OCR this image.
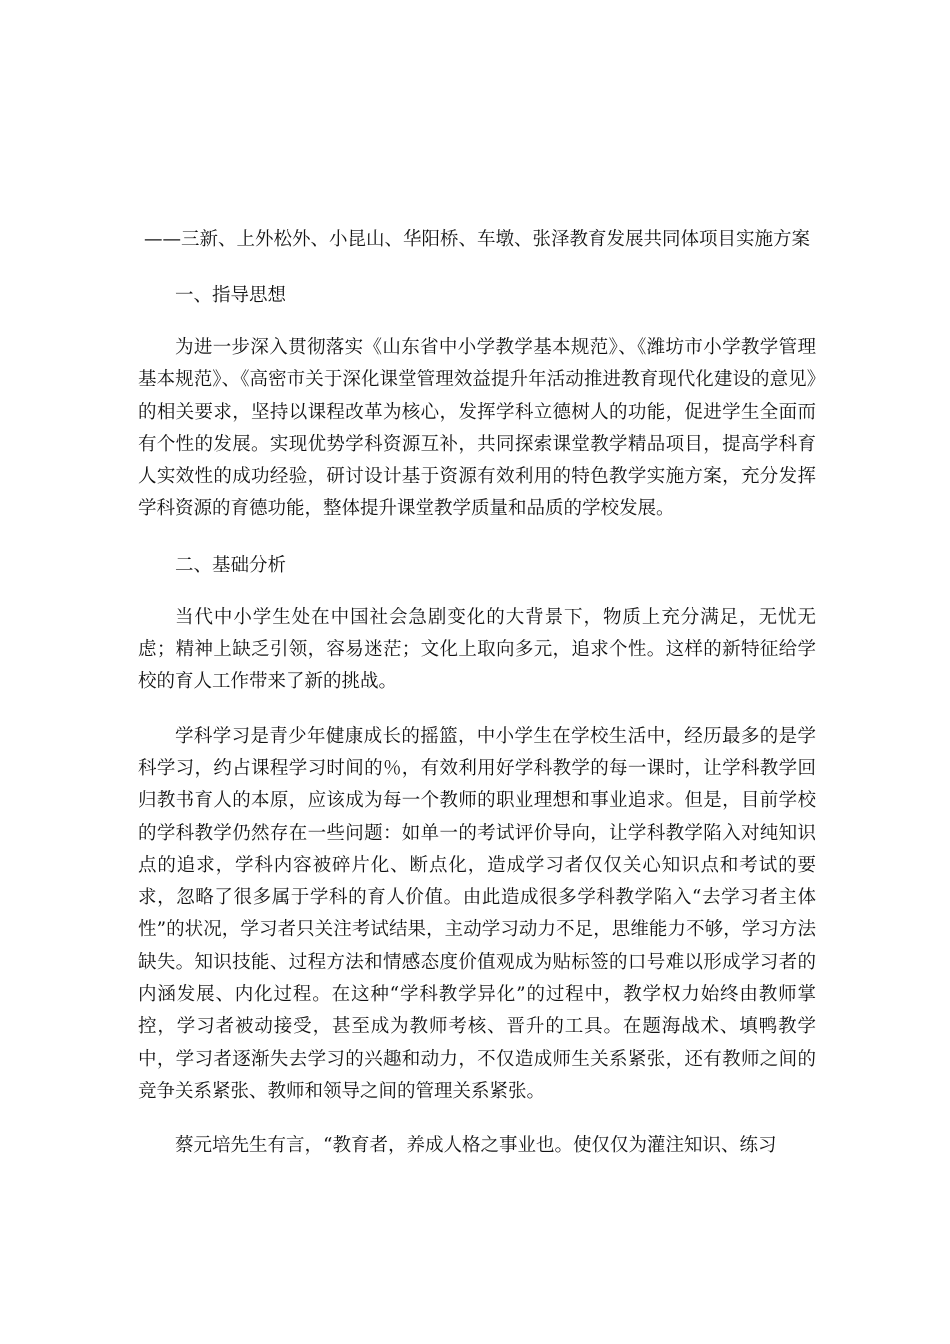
——三新、上外松外、小昆山、华阳桥、车墩、张泽教育发展共同体项目实施方案

一、指导思想

为进一步深入贯彻落实《山东省中小学教学基本规范》、《潍坊市小学教学管理基本规范》、《高密市关于深化课堂管理效益提升年活动推进教育现代化建设的意见》的相关要求，坚持以课程改革为核心，发挥学科立德树人的功能，促进学生全面而有个性的发展。实现优势学科资源互补，共同探索课堂教学精品项目，提高学科育人实效性的成功经验，研讨设计基于资源有效利用的特色教学实施方案，充分发挥学科资源的育德功能，整体提升课堂教学质量和品质的学校发展。

二、基础分析

当代中小学生处在中国社会急剧变化的大背景下，物质上充分满足，无忧无虑；精神上缺乏引领，容易迷茫；文化上取向多元，追求个性。这样的新特征给学校的育人工作带来了新的挑战。

学科学习是青少年健康成长的摇篮，中小学生在学校生活中，经历最多的是学科学习，约占课程学习时间的％，有效利用好学科教学的每一课时，让学科教学回归教书育人的本原，应该成为每一个教师的职业理想和事业追求。但是，目前学校的学科教学仍然存在一些问题：如单一的考试评价导向，让学科教学陷入对纯知识点的追求，学科内容被碎片化、断点化，造成学习者仅仅关心知识点和考试的要求，忽略了很多属于学科的育人价值。由此造成很多学科教学陷入“去学习者主体性”的状况，学习者只关注考试结果，主动学习动力不足，思维能力不够，学习方法缺失。知识技能、过程方法和情感态度价值观成为贴标签的口号难以形成学习者的内涵发展、内化过程。在这种“学科教学异化”的过程中，教学权力始终由教师掌控，学习者被动接受，甚至成为教师考核、晋升的工具。在题海战术、填鸭教学中，学习者逐渐失去学习的兴趣和动力，不仅造成师生关系紧张，还有教师之间的竞争关系紧张、教师和领导之间的管理关系紧张。

蔡元培先生有言，“教育者，养成人格之事业也。使仅仅为灌注知识、练习
